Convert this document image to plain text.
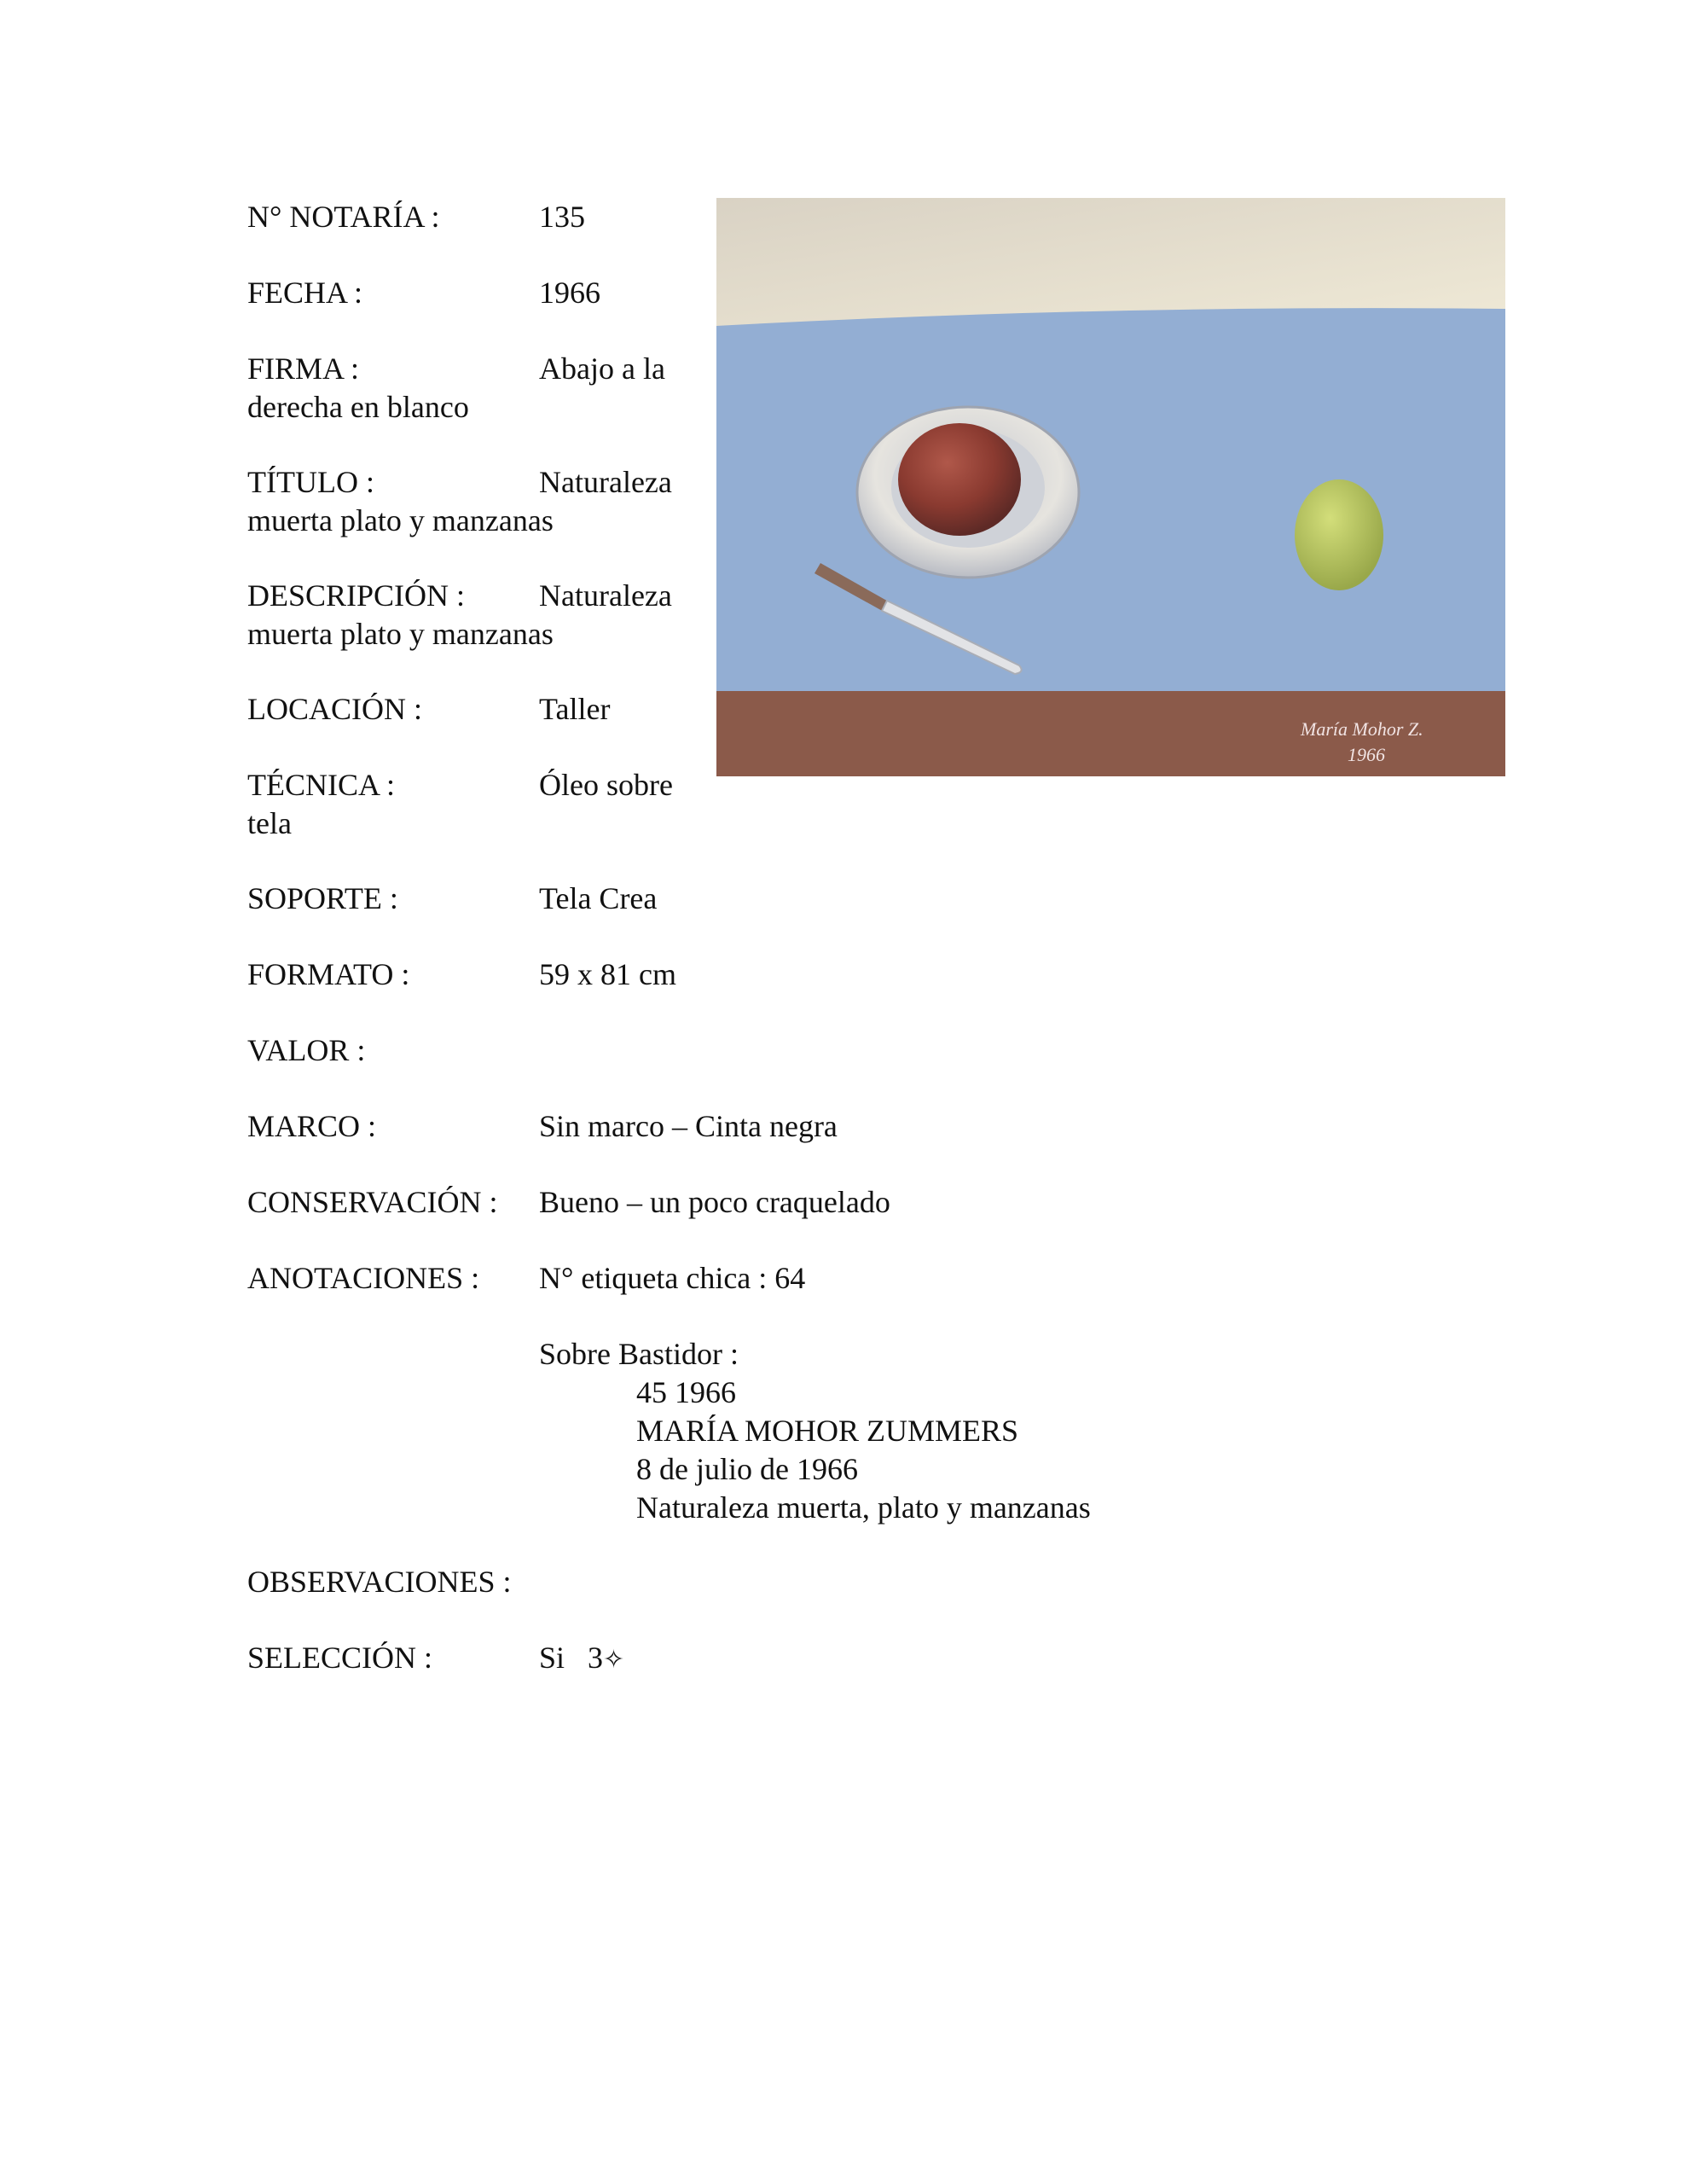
N° NOTARÍA :	135
FECHA :	1966
FIRMA :	Abajo a la
derecha en blanco
TÍTULO :	Naturaleza
muerta plato y manzanas
DESCRIPCIÓN : Naturaleza
muerta plato y manzanas
LOCACIÓN :	Taller
TÉCNICA :	Óleo sobre
tela
SOPORTE :	Tela Crea
FORMATO :	59 x 81 cm
VALOR :
MARCO :	Sin marco – Cinta negra
CONSERVACIÓN : Bueno – un poco craquelado
ANOTACIONES : N° etiqueta chica : 64
Sobre Bastidor :
45 1966
MARÍA MOHOR ZUMMERS
8 de julio de 1966
Naturaleza muerta, plato y manzanas
OBSERVACIONES :
SELECCIÓN :	Si   3✧
María Mohor Z.
1966
